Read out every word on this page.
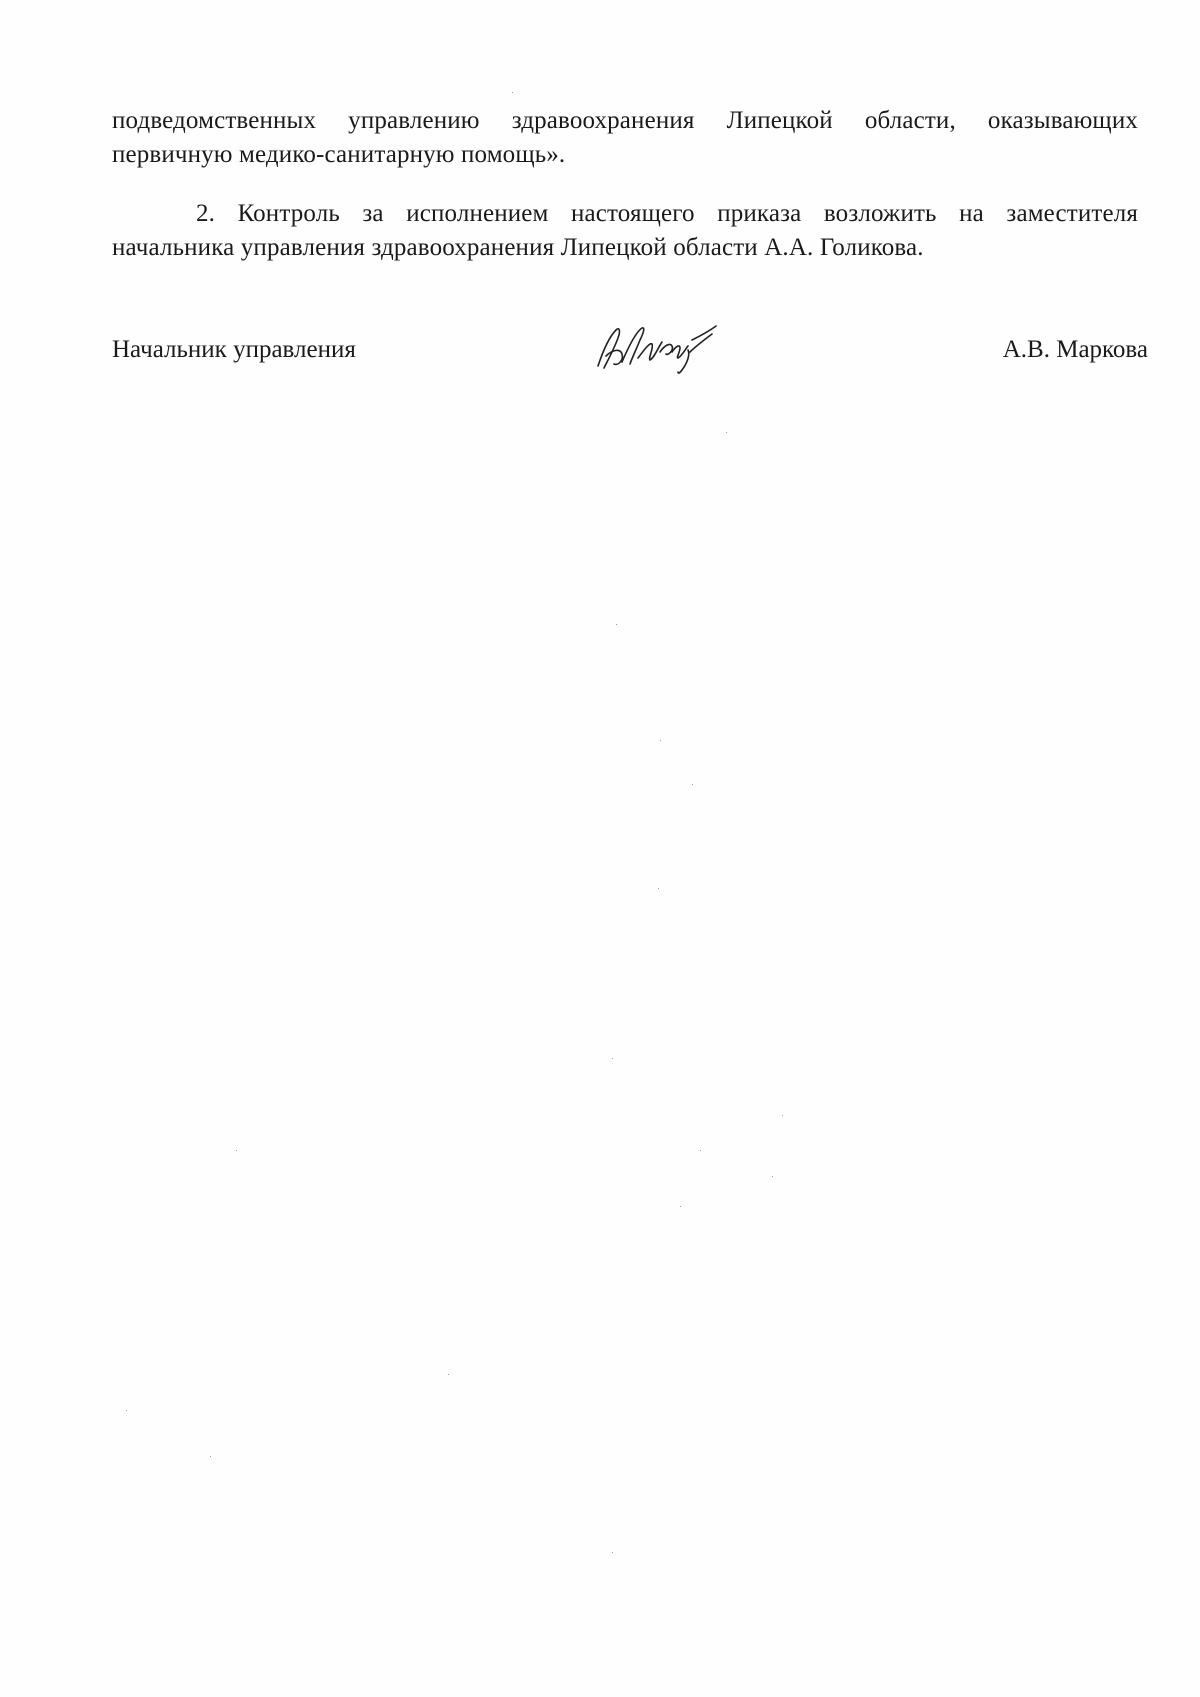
подведомственных управлению здравоохранения Липецкой области, оказывающих
первичную медико-санитарную помощь».

2. Контроль за исполнением настоящего приказа возложить на заместителя
начальника управления здравоохранения Липецкой области А.А. Голикова.

Начальник управления	А.В. Маркова
